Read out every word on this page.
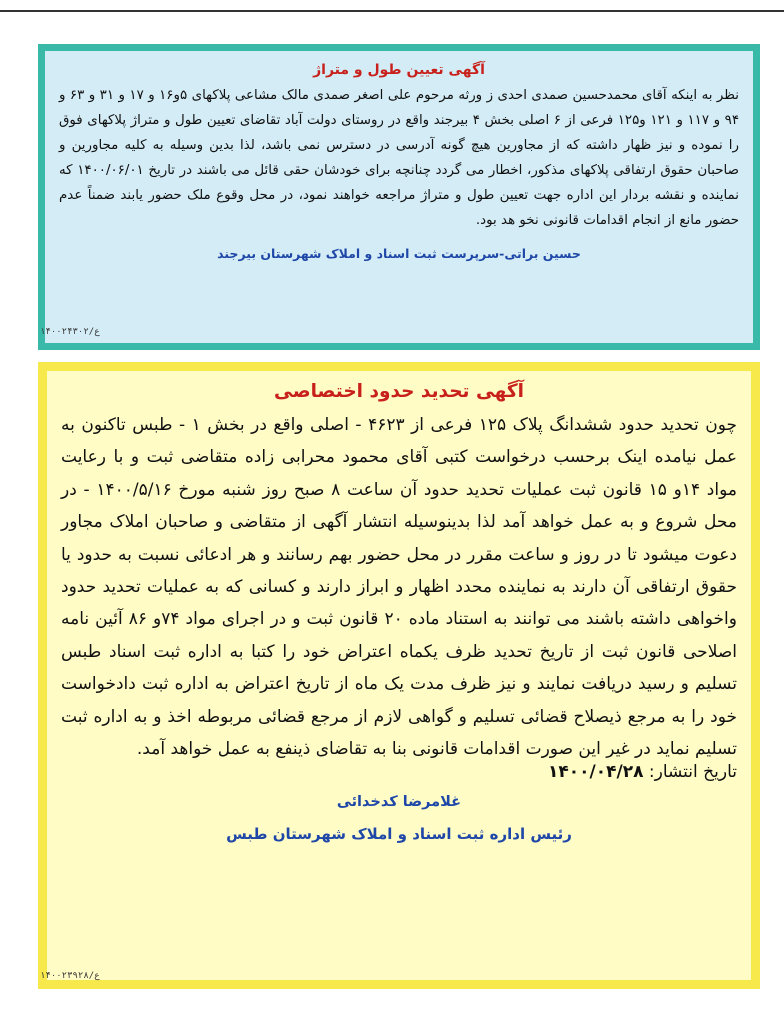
آگهی تعیین طول و متراژ
نظر به اینکه آقای محمدحسین صمدی احدی ز ورثه مرحوم علی اصغر صمدی مالک مشاعی پلاکهای ۵و۱۶ و ۱۷ و ۳۱ و ۶۳ و ۹۴ و ۱۱۷ و ۱۲۱ و۱۲۵ فرعی از ۶ اصلی بخش ۴ بیرجند واقع در روستای دولت آباد تقاضای تعیین طول و متراژ پلاکهای فوق را نموده و نیز ظهار داشته که از مجاورین هیچ گونه آدرسی در دسترس نمی باشد، لذا بدین وسیله به کلیه مجاورین و صاحبان حقوق ارتفاقی پلاکهای مذکور، اخطار می گردد چنانچه برای خودشان حقی قائل می باشند در تاریخ ۱۴۰۰/۰۶/۰۱ که نماینده و نقشه بردار این اداره جهت تعیین طول و متراژ مراجعه خواهند نمود، در محل وقوع ملک حضور یابند ضمناً عدم حضور مانع از انجام اقدامات قانونی نخو هد بود.
حسین براتی-سرپرست ثبت اسناد و املاک شهرستان بیرجند
ع/۱۴۰۰۲۴۳۰۲
آگهی تحدید حدود اختصاصی
چون تحدید حدود ششدانگ پلاک ۱۲۵ فرعی از ۴۶۲۳ - اصلی واقع در بخش ۱ - طبس تاکنون به عمل نیامده اینک برحسب درخواست کتبی آقای محمود محرابی زاده متقاضی ثبت و با رعایت مواد ۱۴و ۱۵ قانون ثبت عملیات تحدید حدود آن ساعت ۸ صبح روز شنبه مورخ ۱۴۰۰/۵/۱۶ - در محل شروع و به عمل خواهد آمد لذا بدینوسیله انتشار آگهی از متقاضی و صاحبان املاک مجاور دعوت میشود تا در روز و ساعت مقرر در محل حضور بهم رسانند و هر ادعائی نسبت به حدود یا حقوق ارتفاقی آن دارند به نماینده محدد اظهار و ابراز دارند و کسانی که به عملیات تحدید حدود واخواهی داشته باشند می توانند به استناد ماده ۲۰ قانون ثبت و در اجرای مواد ۷۴و ۸۶ آئین نامه اصلاحی قانون ثبت از تاریخ تحدید ظرف یکماه اعتراض خود را کتبا به اداره ثبت اسناد طبس تسلیم و رسید دریافت نمایند و نیز ظرف مدت یک ماه از تاریخ اعتراض به اداره ثبت دادخواست خود را به مرجع ذیصلاح قضائی تسلیم و گواهی لازم از مرجع قضائی مربوطه اخذ و به اداره ثبت تسلیم نماید در غیر این صورت اقدامات قانونی بنا به تقاضای ذینفع به عمل خواهد آمد.
تاریخ انتشار: ۱۴۰۰/۰۴/۲۸
غلامرضا کدخدائی
رئیس اداره ثبت اسناد و املاک شهرستان طبس
ع/۱۴۰۰۲۳۹۲۸
